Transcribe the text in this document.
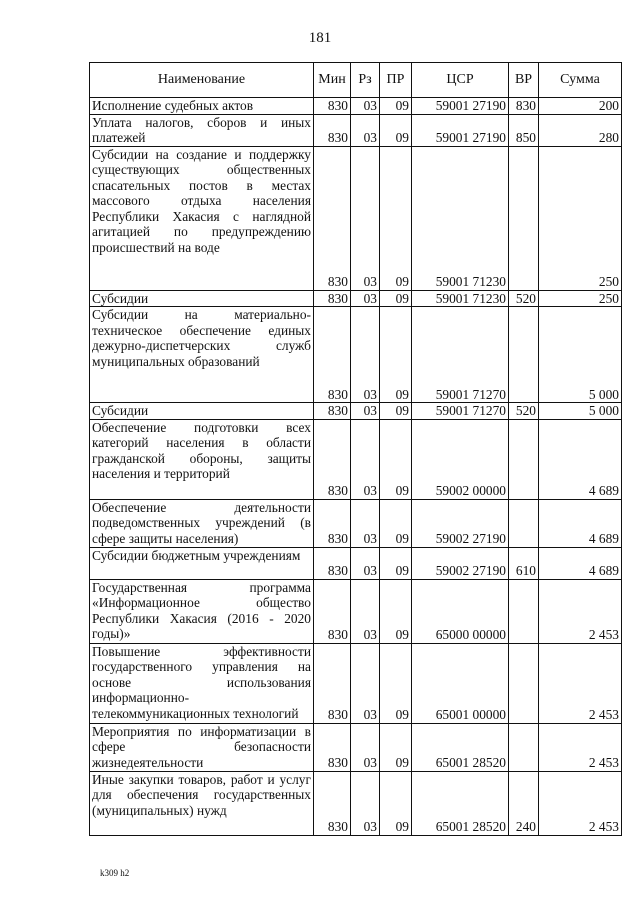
181
Наименование	Мин	Рз	ПР	ЦСР	ВР	Сумма
Исполнение судебных актов	830	03	09	59001 27190	830	200
Уплата налогов, сборов и иных платежей	830	03	09	59001 27190	850	280
Субсидии на создание и поддержку существующих общественных спасательных постов в местах массового отдыха населения Республики Хакасия с наглядной агитацией по предупреждению происшествий на воде	830	03	09	59001 71230		250
Субсидии	830	03	09	59001 71230	520	250
Субсидии на материально-техническое обеспечение единых дежурно-диспетчерских служб муниципальных образований	830	03	09	59001 71270		5 000
Субсидии	830	03	09	59001 71270	520	5 000
Обеспечение подготовки всех категорий населения в области гражданской обороны, защиты населения и территорий	830	03	09	59002 00000		4 689
Обеспечение деятельности подведомственных учреждений (в сфере защиты населения)	830	03	09	59002 27190		4 689
Субсидии бюджетным учреждениям	830	03	09	59002 27190	610	4 689
Государственная программа «Информационное общество Республики Хакасия (2016 - 2020 годы)»	830	03	09	65000 00000		2 453
Повышение эффективности государственного управления на основе использования информационно-телекоммуникационных технологий	830	03	09	65001 00000		2 453
Мероприятия по информатизации в сфере безопасности жизнедеятельности	830	03	09	65001 28520		2 453
Иные закупки товаров, работ и услуг для обеспечения государственных (муниципальных) нужд	830	03	09	65001 28520	240	2 453
k309 h2
